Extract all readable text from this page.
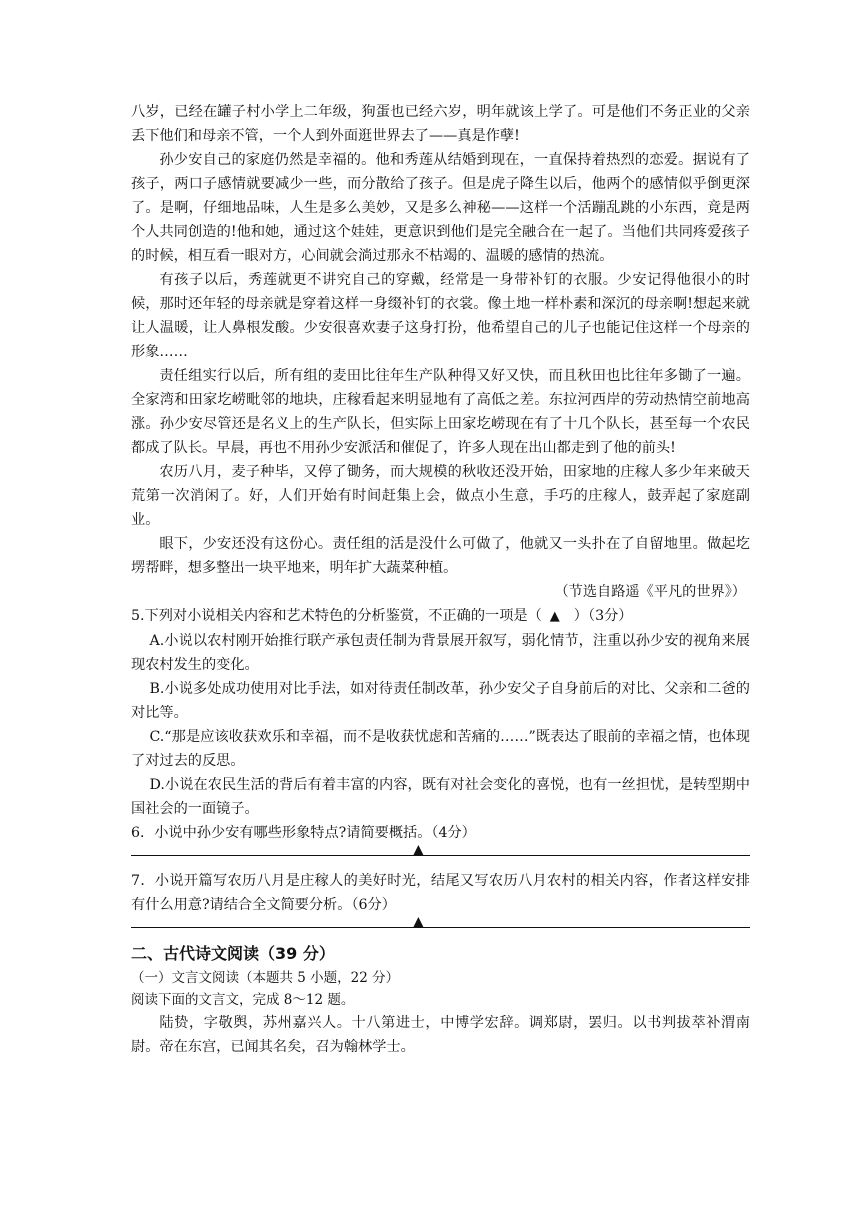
八岁，已经在罐子村小学上二年级，狗蛋也已经六岁，明年就该上学了。可是他们不务正业的父亲丢下他们和母亲不管，一个人到外面逛世界去了——真是作孽!

孙少安自己的家庭仍然是幸福的。他和秀莲从结婚到现在，一直保持着热烈的恋爱。据说有了孩子，两口子感情就要减少一些，而分散给了孩子。但是虎子降生以后，他两个的感情似乎倒更深了。是啊，仔细地品味，人生是多么美妙，又是多么神秘——这样一个活蹦乱跳的小东西，竟是两个人共同创造的!他和她，通过这个娃娃，更意识到他们是完全融合在一起了。当他们共同疼爱孩子的时候，相互看一眼对方，心间就会淌过那永不枯竭的、温暖的感情的热流。

有孩子以后，秀莲就更不讲究自己的穿戴，经常是一身带补钉的衣服。少安记得他很小的时候，那时还年轻的母亲就是穿着这样一身缀补钉的衣裳。像土地一样朴素和深沉的母亲啊!想起来就让人温暖，让人鼻根发酸。少安很喜欢妻子这身打扮，他希望自己的儿子也能记住这样一个母亲的形象……

责任组实行以后，所有组的麦田比往年生产队种得又好又快，而且秋田也比往年多锄了一遍。全家湾和田家圪崂毗邻的地块，庄稼看起来明显地有了高低之差。东拉河西岸的劳动热情空前地高涨。孙少安尽管还是名义上的生产队长，但实际上田家圪崂现在有了十几个队长，甚至每一个农民都成了队长。早晨，再也不用孙少安派活和催促了，许多人现在出山都走到了他的前头!

农历八月，麦子种毕，又停了锄务，而大规模的秋收还没开始，田家地的庄稼人多少年来破天荒第一次消闲了。好，人们开始有时间赶集上会，做点小生意，手巧的庄稼人，鼓弄起了家庭副业。

眼下，少安还没有这份心。责任组的活是没什么可做了，他就又一头扑在了自留地里。做起圪塄帮畔，想多整出一块平地来，明年扩大蔬菜种植。

（节选自路遥《平凡的世界》）

5.下列对小说相关内容和艺术特色的分析鉴赏，不正确的一项是（ ▲ ）（3分）

A.小说以农村刚开始推行联产承包责任制为背景展开叙写，弱化情节，注重以孙少安的视角来展现农村发生的变化。

B.小说多处成功使用对比手法，如对待责任制改革，孙少安父子自身前后的对比、父亲和二爸的对比等。

C.“那是应该收获欢乐和幸福，而不是收获忧虑和苦痛的……”既表达了眼前的幸福之情，也体现了对过去的反思。

D.小说在农民生活的背后有着丰富的内容，既有对社会变化的喜悦，也有一丝担忧，是转型期中国社会的一面镜子。

6．小说中孙少安有哪些形象特点?请简要概括。（4分）

▲

7．小说开篇写农历八月是庄稼人的美好时光，结尾又写农历八月农村的相关内容，作者这样安排有什么用意?请结合全文简要分析。（6分）

▲
二、古代诗文阅读（39 分）

（一）文言文阅读（本题共 5 小题，22 分）

阅读下面的文言文，完成 8～12 题。

陆贽，字敬舆，苏州嘉兴人。十八第进士，中博学宏辞。调郑尉，罢归。以书判拔萃补渭南尉。帝在东宫，已闻其名矣，召为翰林学士。
